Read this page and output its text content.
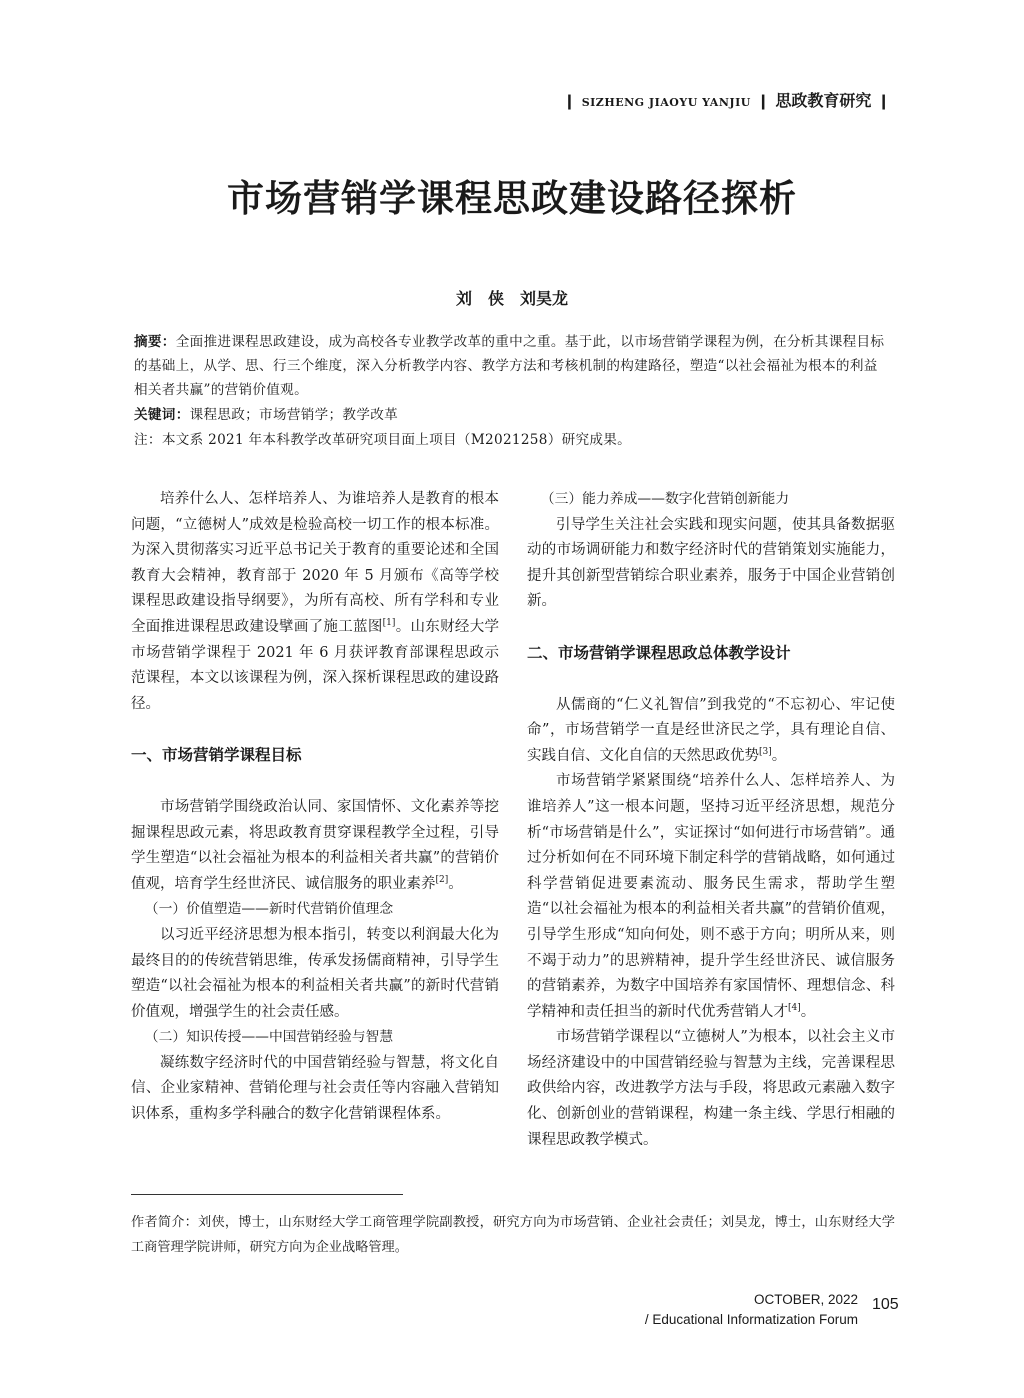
❙ SIZHENG JIAOYU YANJIU ❙ 思政教育研究 ❙
市场营销学课程思政建设路径探析
刘　侠　刘昊龙
摘要：全面推进课程思政建设，成为高校各专业教学改革的重中之重。基于此，以市场营销学课程为例，在分析其课程目标的基础上，从学、思、行三个维度，深入分析教学内容、教学方法和考核机制的构建路径，塑造“以社会福祉为根本的利益相关者共赢”的营销价值观。
关键词：课程思政；市场营销学；教学改革
注：本文系 2021 年本科教学改革研究项目面上项目（M2021258）研究成果。

培养什么人、怎样培养人、为谁培养人是教育的根本问题，“立德树人”成效是检验高校一切工作的根本标准。为深入贯彻落实习近平总书记关于教育的重要论述和全国教育大会精神，教育部于 2020 年 5 月颁布《高等学校课程思政建设指导纲要》，为所有高校、所有学科和专业全面推进课程思政建设擘画了施工蓝图[1]。山东财经大学市场营销学课程于 2021 年 6 月获评教育部课程思政示范课程，本文以该课程为例，深入探析课程思政的建设路径。

一、市场营销学课程目标

市场营销学围绕政治认同、家国情怀、文化素养等挖掘课程思政元素，将思政教育贯穿课程教学全过程，引导学生塑造“以社会福祉为根本的利益相关者共赢”的营销价值观，培育学生经世济民、诚信服务的职业素养[2]。

（一）价值塑造——新时代营销价值理念

以习近平经济思想为根本指引，转变以利润最大化为最终目的的传统营销思维，传承发扬儒商精神，引导学生塑造“以社会福祉为根本的利益相关者共赢”的新时代营销价值观，增强学生的社会责任感。

（二）知识传授——中国营销经验与智慧

凝练数字经济时代的中国营销经验与智慧，将文化自信、企业家精神、营销伦理与社会责任等内容融入营销知识体系，重构多学科融合的数字化营销课程体系。

（三）能力养成——数字化营销创新能力

引导学生关注社会实践和现实问题，使其具备数据驱动的市场调研能力和数字经济时代的营销策划实施能力，提升其创新型营销综合职业素养，服务于中国企业营销创新。

二、市场营销学课程思政总体教学设计

从儒商的“仁义礼智信”到我党的“不忘初心、牢记使命”，市场营销学一直是经世济民之学，具有理论自信、实践自信、文化自信的天然思政优势[3]。

市场营销学紧紧围绕“培养什么人、怎样培养人、为谁培养人”这一根本问题，坚持习近平经济思想，规范分析“市场营销是什么”，实证探讨“如何进行市场营销”。通过分析如何在不同环境下制定科学的营销战略，如何通过科学营销促进要素流动、服务民生需求，帮助学生塑造“以社会福祉为根本的利益相关者共赢”的营销价值观，引导学生形成“知向何处，则不惑于方向；明所从来，则不竭于动力”的思辨精神，提升学生经世济民、诚信服务的营销素养，为数字中国培养有家国情怀、理想信念、科学精神和责任担当的新时代优秀营销人才[4]。

市场营销学课程以“立德树人”为根本，以社会主义市场经济建设中的中国营销经验与智慧为主线，完善课程思政供给内容，改进教学方法与手段，将思政元素融入数字化、创新创业的营销课程，构建一条主线、学思行相融的课程思政教学模式。

作者简介：刘侠，博士，山东财经大学工商管理学院副教授，研究方向为市场营销、企业社会责任；刘昊龙，博士，山东财经大学工商管理学院讲师，研究方向为企业战略管理。
OCTOBER, 2022
/ Educational Informatization Forum
105
